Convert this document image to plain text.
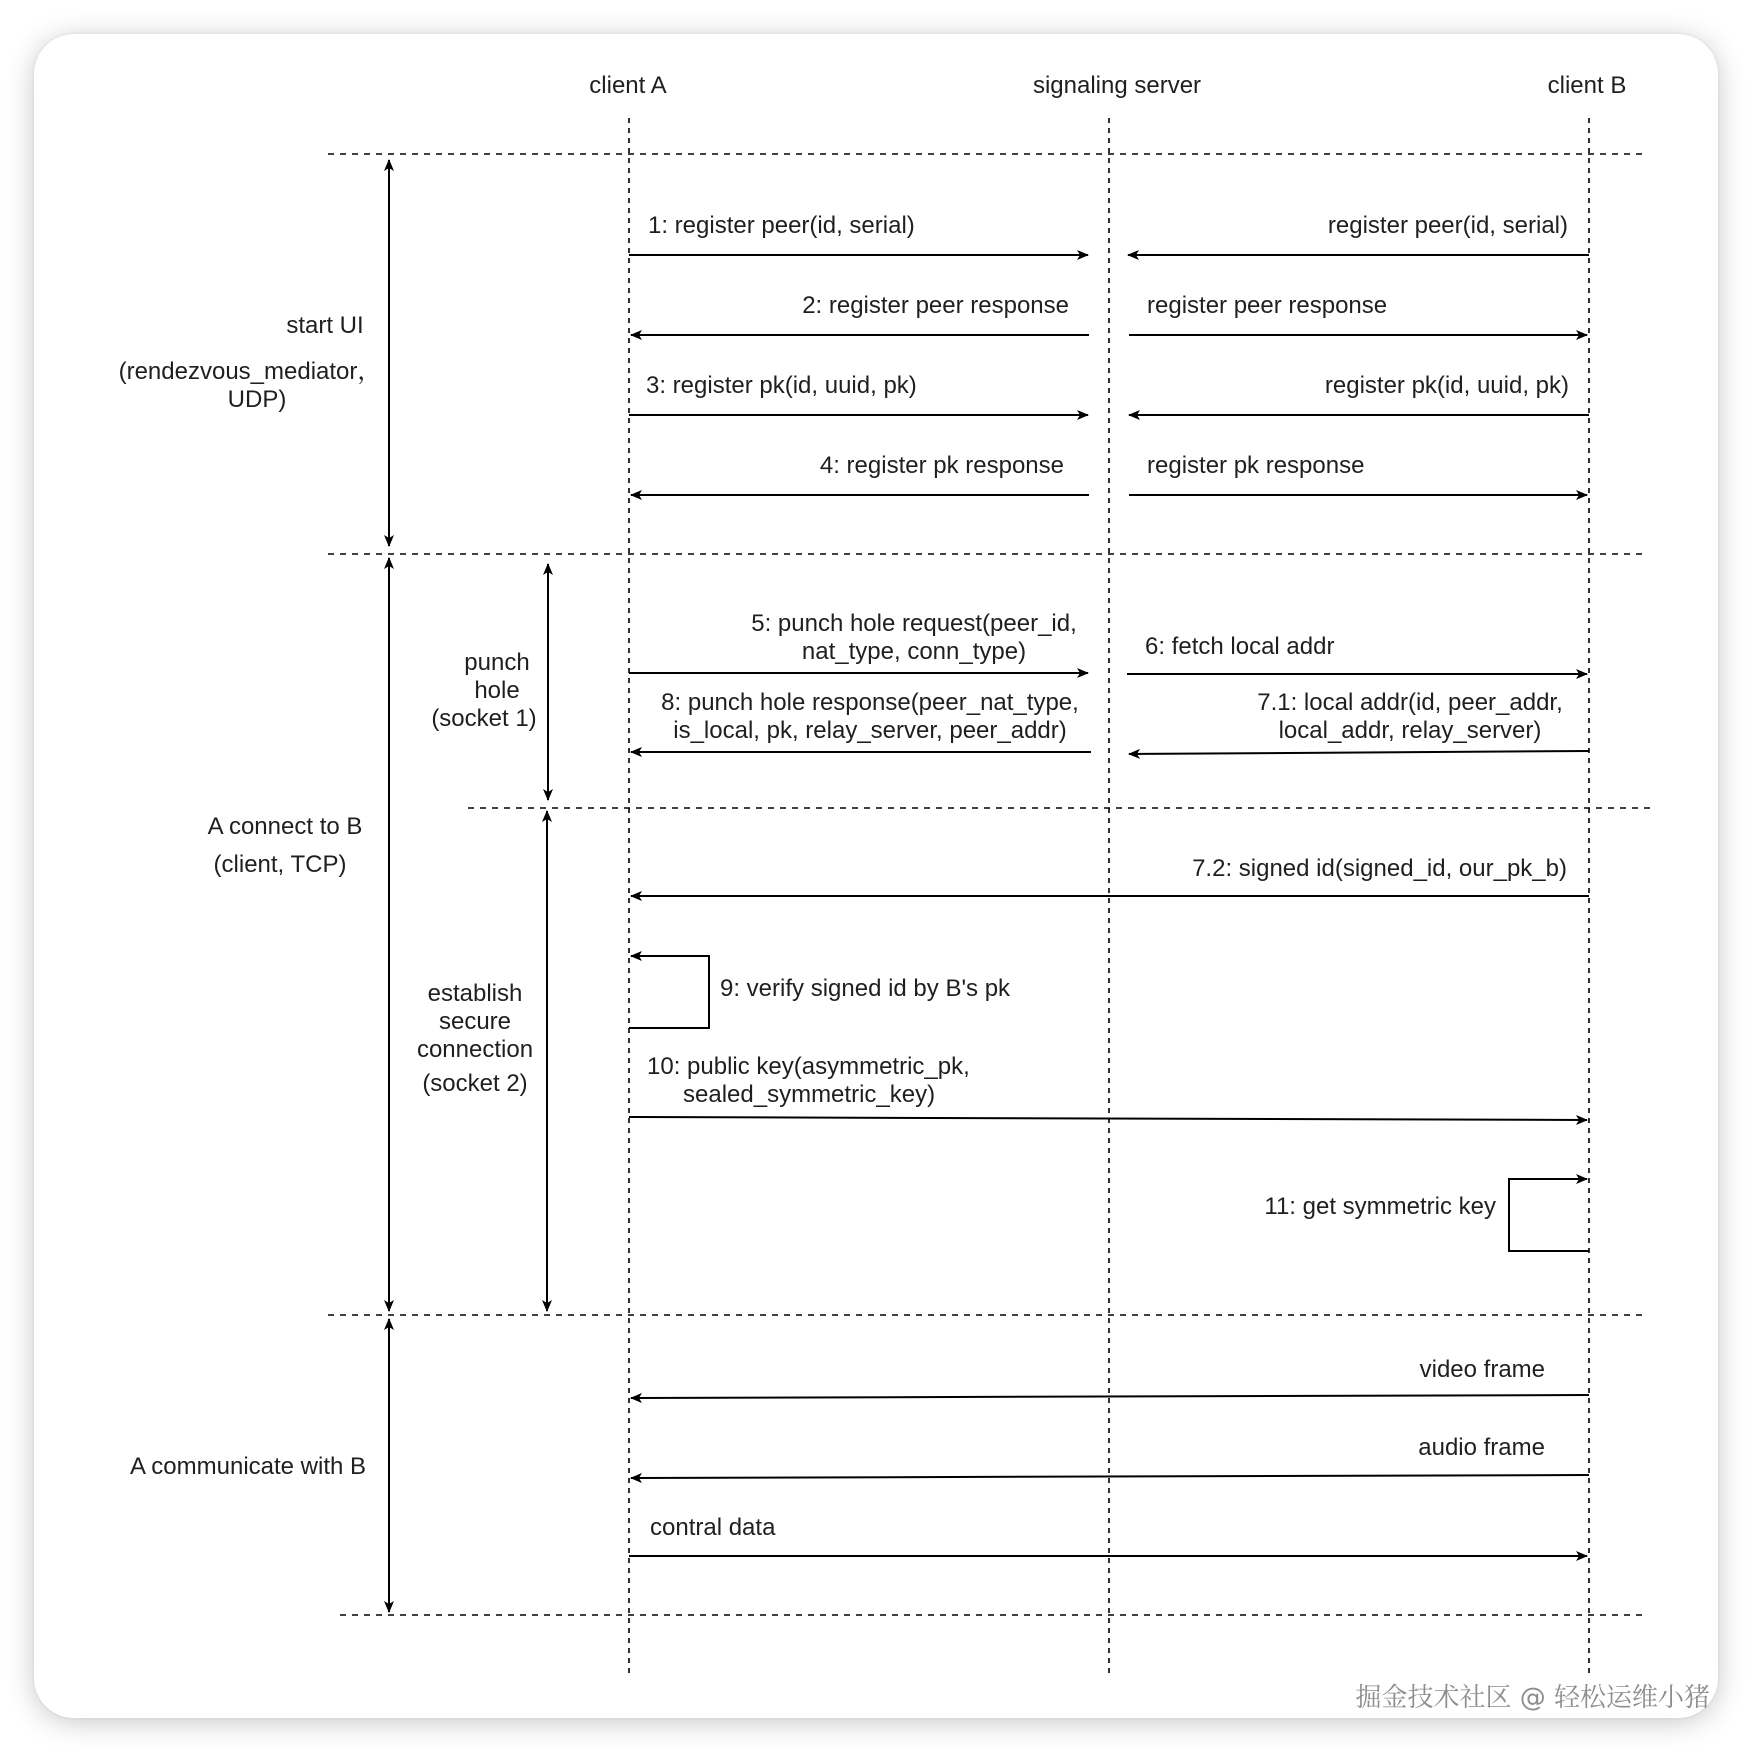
client A	signaling server	client B
start UI
(rendezvous_mediator，
UDP)
A connect to B
(client, TCP)
punch
hole
(socket 1)
establish
secure
connection
(socket 2)
A communicate with B
1: register peer(id, serial)	register peer(id, serial)
2: register peer response	register peer response
3: register pk(id, uuid, pk)	register pk(id, uuid, pk)
4: register pk response	register pk response
5: punch hole request(peer_id,
nat_type, conn_type)	6: fetch local addr
8: punch hole response(peer_nat_type,
is_local, pk, relay_server, peer_addr)
7.1: local addr(id, peer_addr,
local_addr, relay_server)
7.2: signed id(signed_id, our_pk_b)
9: verify signed id by B's pk
10: public key(asymmetric_pk,
sealed_symmetric_key)
11: get symmetric key
video frame
audio frame
contral data
掘金技术社区 @ 轻松运维小猪
